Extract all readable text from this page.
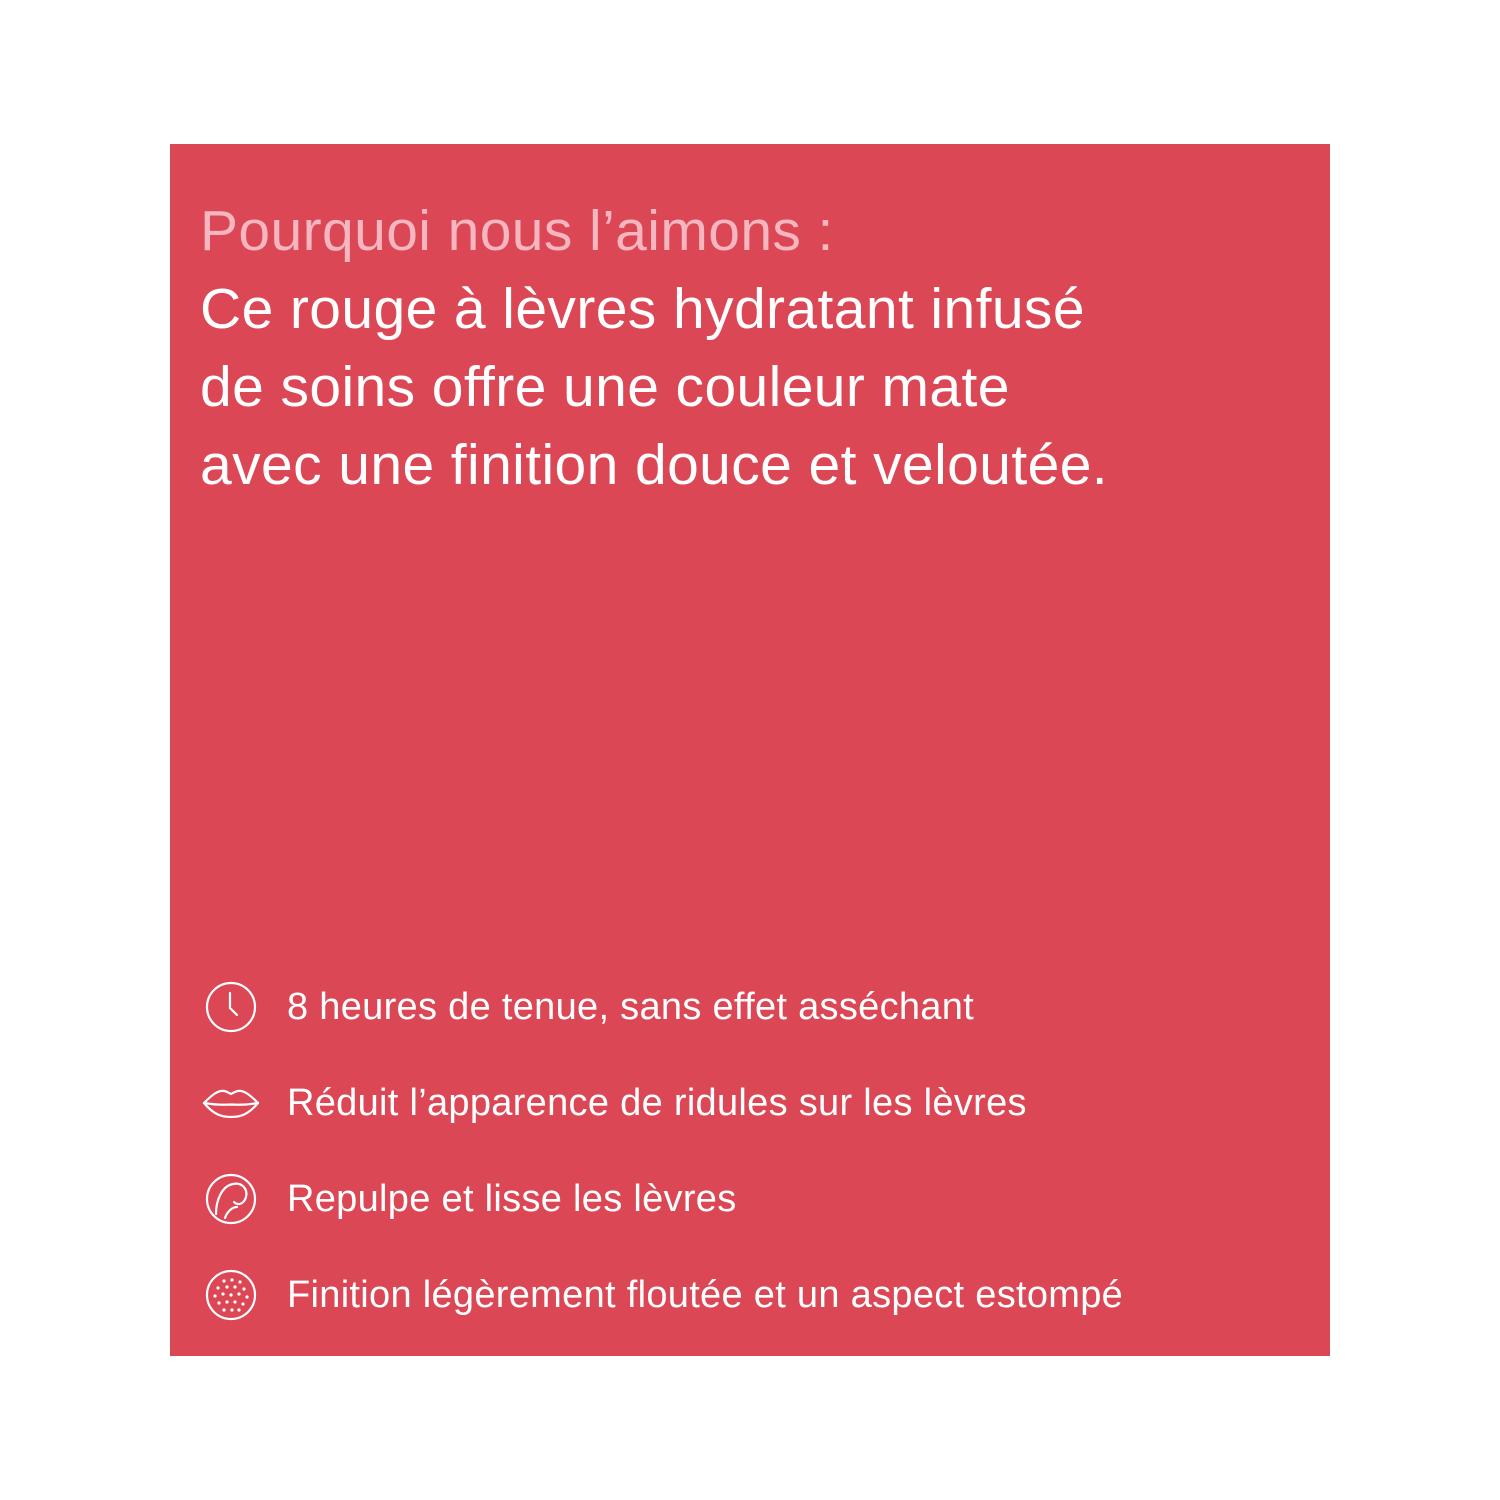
Pourquoi nous l’aimons :
Ce rouge à lèvres hydratant infusé
de soins offre une couleur mate
avec une finition douce et veloutée.
8 heures de tenue, sans effet asséchant
Réduit l’apparence de ridules sur les lèvres
Repulpe et lisse les lèvres
Finition légèrement floutée et un aspect estompé
